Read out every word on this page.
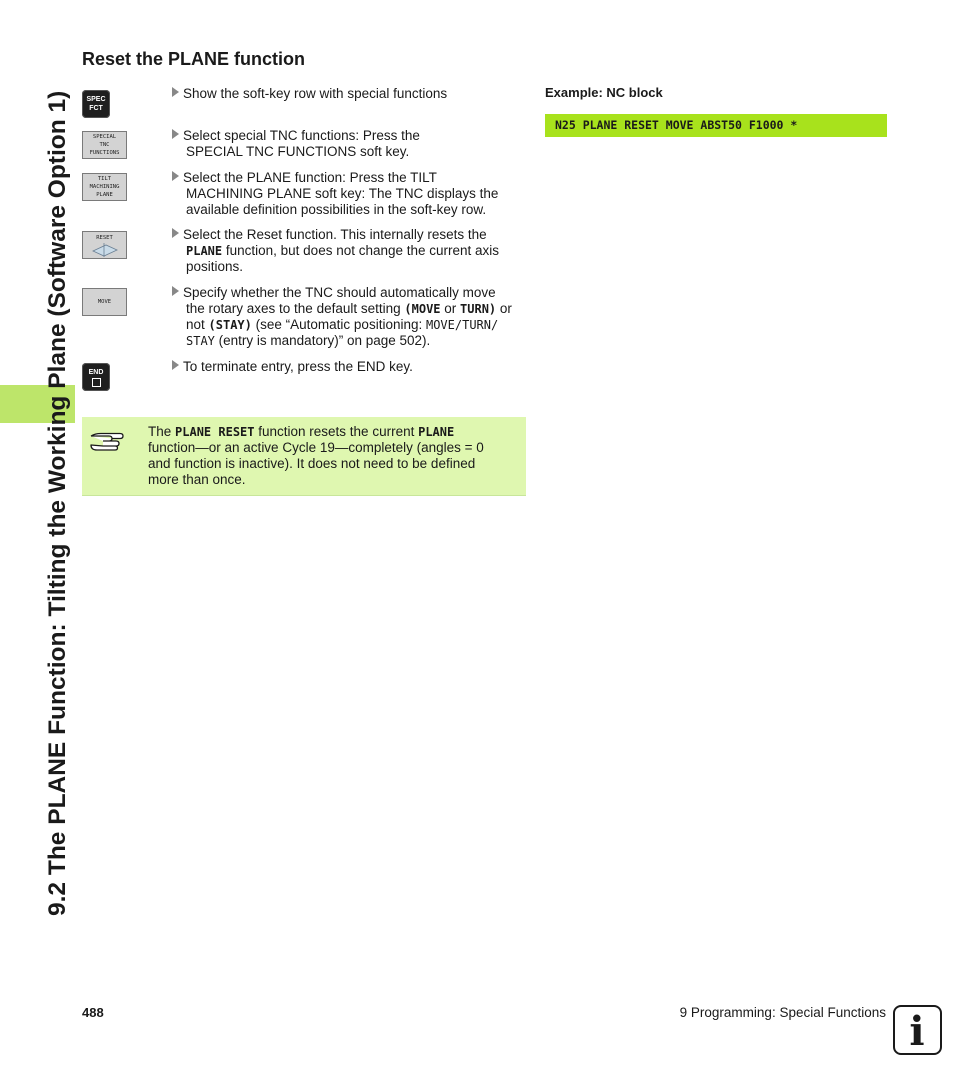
9.2 The PLANE Function: Tilting the Working Plane (Software Option 1)
Reset the PLANE function
SPEC
FCT
Show the soft-key row with special functions
SPECIAL
TNC
FUNCTIONS
Select special TNC functions: Press the
SPECIAL TNC FUNCTIONS soft key.
TILT
MACHINING
PLANE
Select the PLANE function: Press the TILT
MACHINING PLANE soft key: The TNC displays the
available definition possibilities in the soft-key row.
RESET	Select the Reset function. This internally resets the
PLANE function, but does not change the current axis
positions.
MOVE
Specify whether the TNC should automatically move
the rotary axes to the default setting (MOVE or TURN) or
not (STAY) (see “Automatic positioning: MOVE/TURN/
STAY (entry is mandatory)” on page 502).
END	To terminate entry, press the END key.
The PLANE RESET function resets the current PLANE
function—or an active Cycle 19—completely (angles = 0
and function is inactive). It does not need to be defined
more than once.
Example: NC block
N25 PLANE RESET MOVE ABST50 F1000 *
488	9 Programming: Special Functions i
